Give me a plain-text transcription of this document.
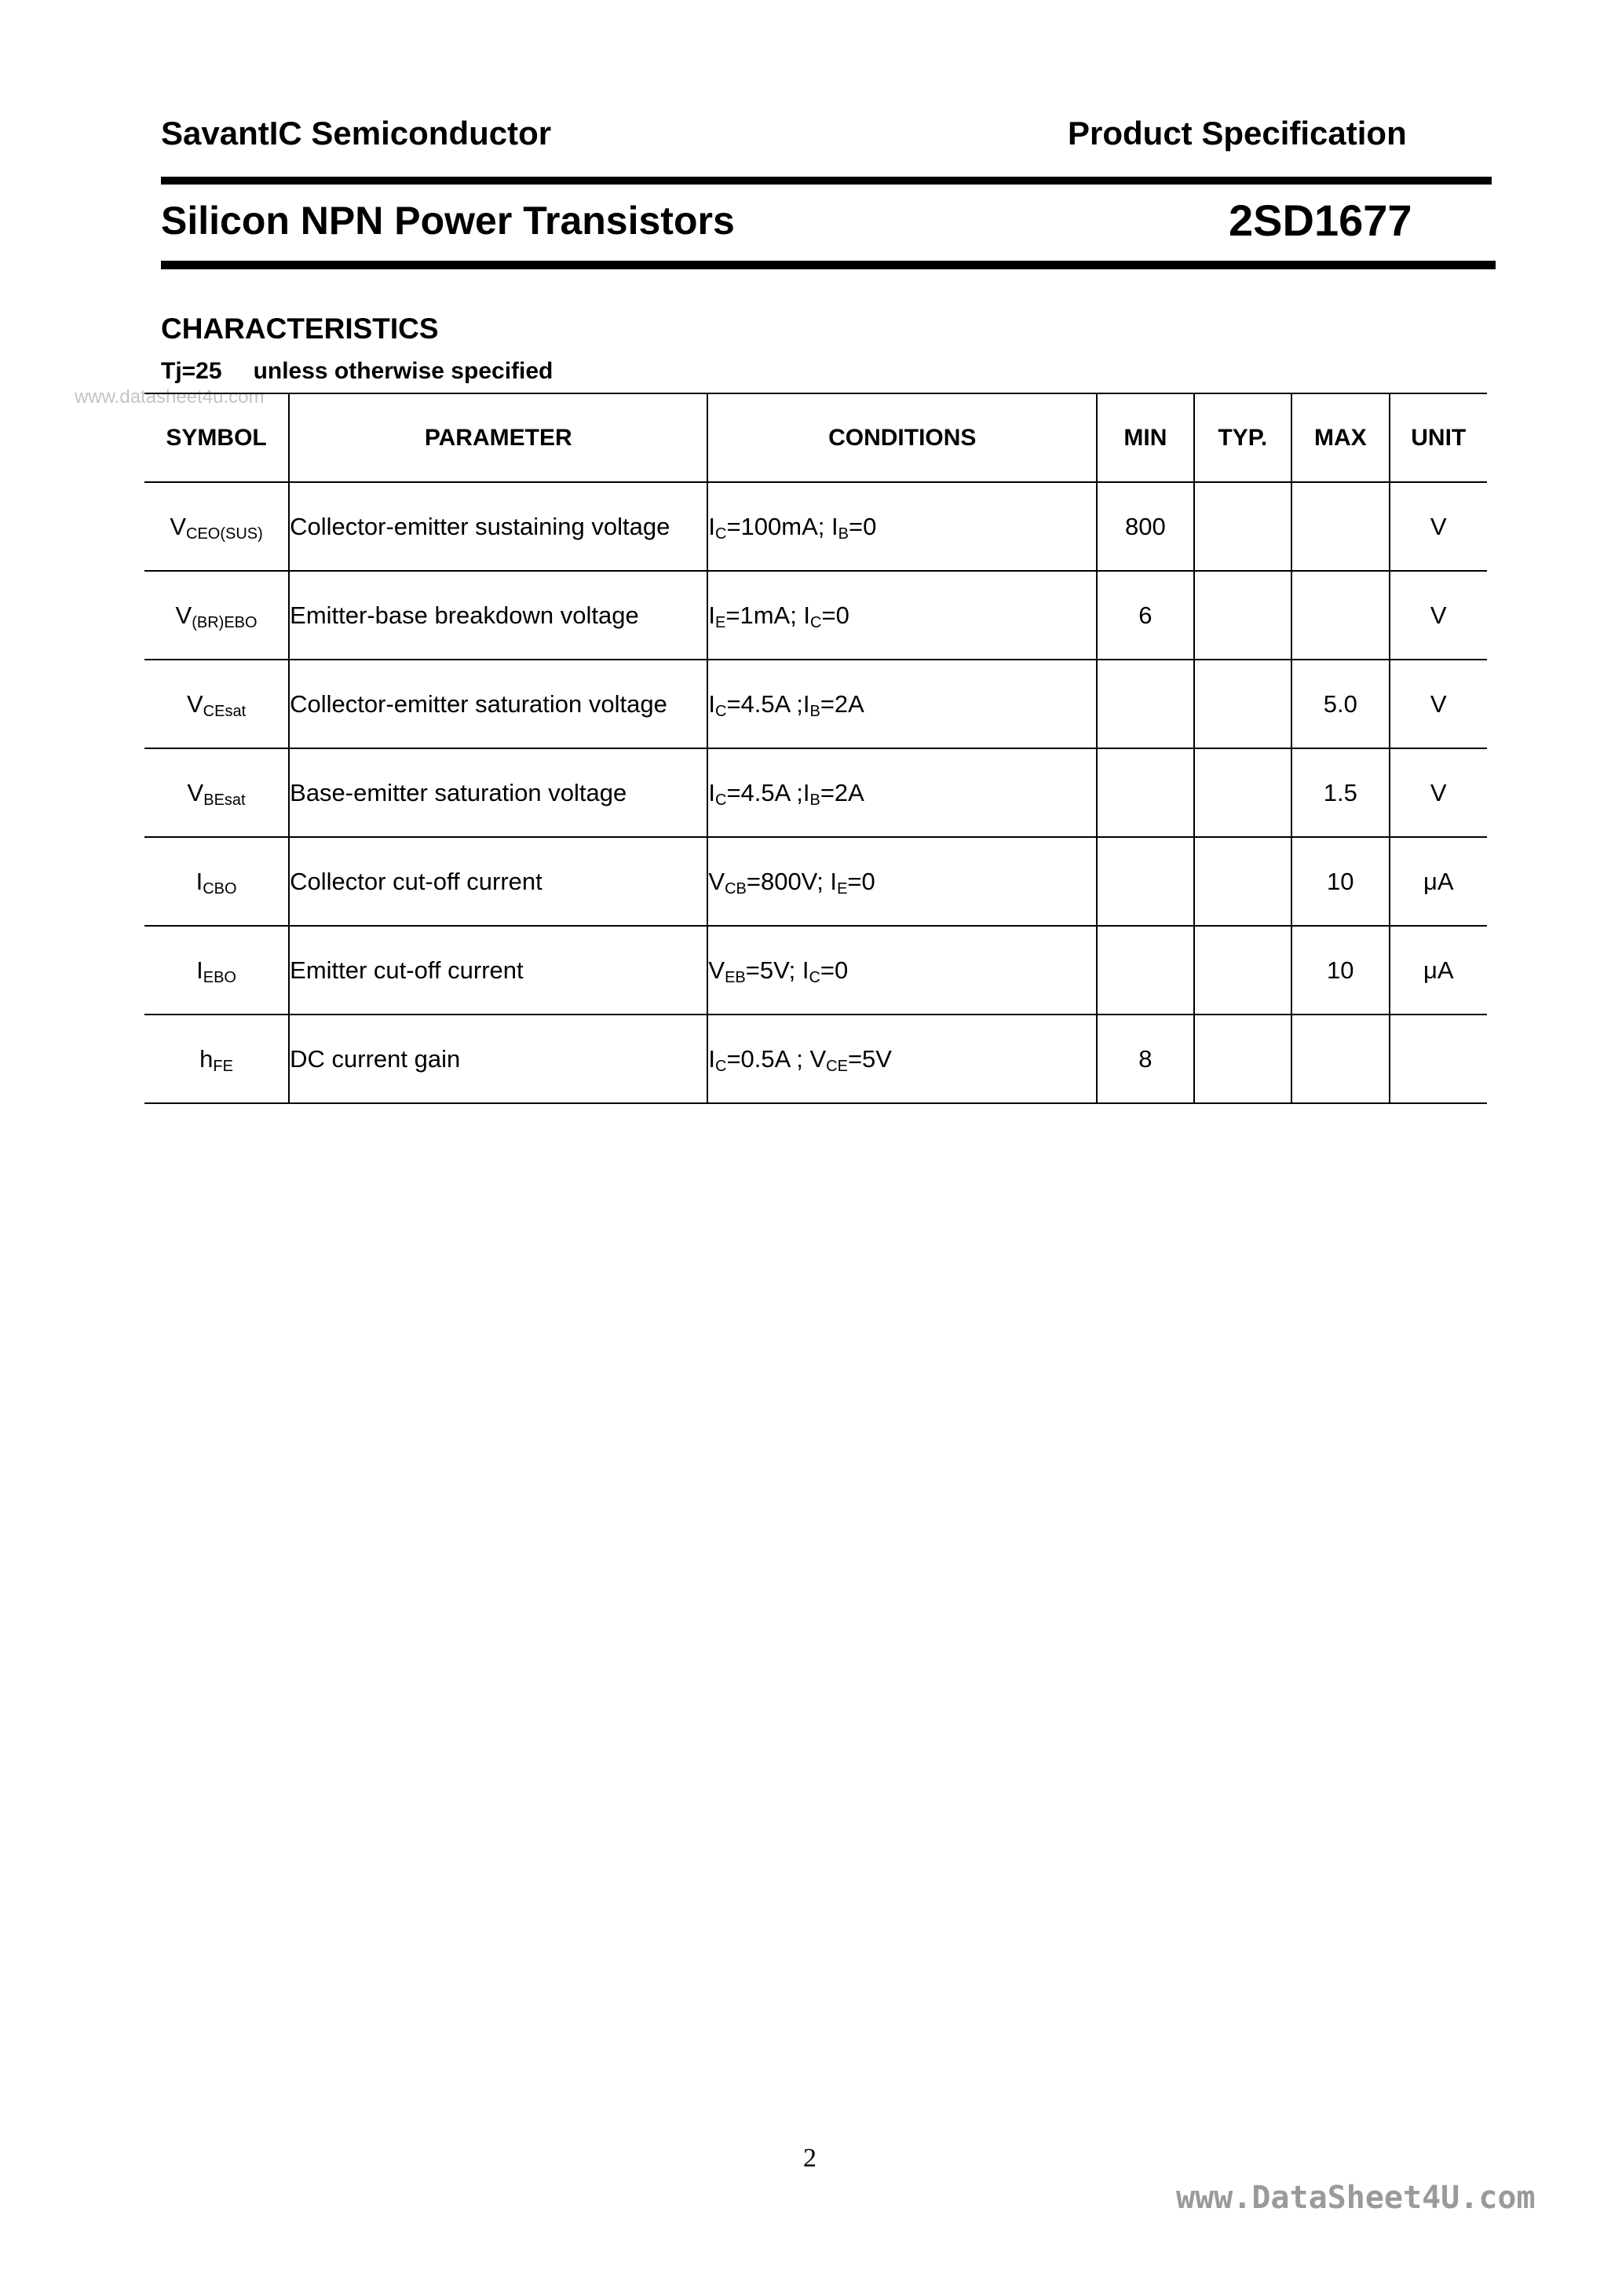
SavantIC Semiconductor	Product Specification
Silicon NPN Power Transistors	2SD1677
CHARACTERISTICS
Tj=25 unless otherwise specified
www.datasheet4u.com
SYMBOL	PARAMETER	CONDITIONS	MIN	TYP.	MAX	UNIT
$V_{CEO(SUS)}$	Collector-emitter sustaining voltage	$I_C=100mA$; $I_B=0$	800			V
$V_{(BR)EBO}$	Emitter-base breakdown voltage	$I_E=1mA$; $I_C=0$	6			V
$V_{CEsat}$	Collector-emitter saturation voltage	$I_C=4.5A$ $;I_B=2A$			5.0	V
$V_{BEsat}$	Base-emitter saturation voltage	$I_C=4.5A$ $;I_B=2A$			1.5	V
$I_{CBO}$	Collector cut-off current	$V_{CB}=800V$; $I_E=0$			10	μA
$I_{EBO}$	Emitter cut-off current	$V_{EB}=5V$; $I_C=0$			10	μA
$h_{FE}$	DC current gain	$I_C=0.5A$ ; $V_{CE}=5V$	8			
2
www.DataSheet4U.com
